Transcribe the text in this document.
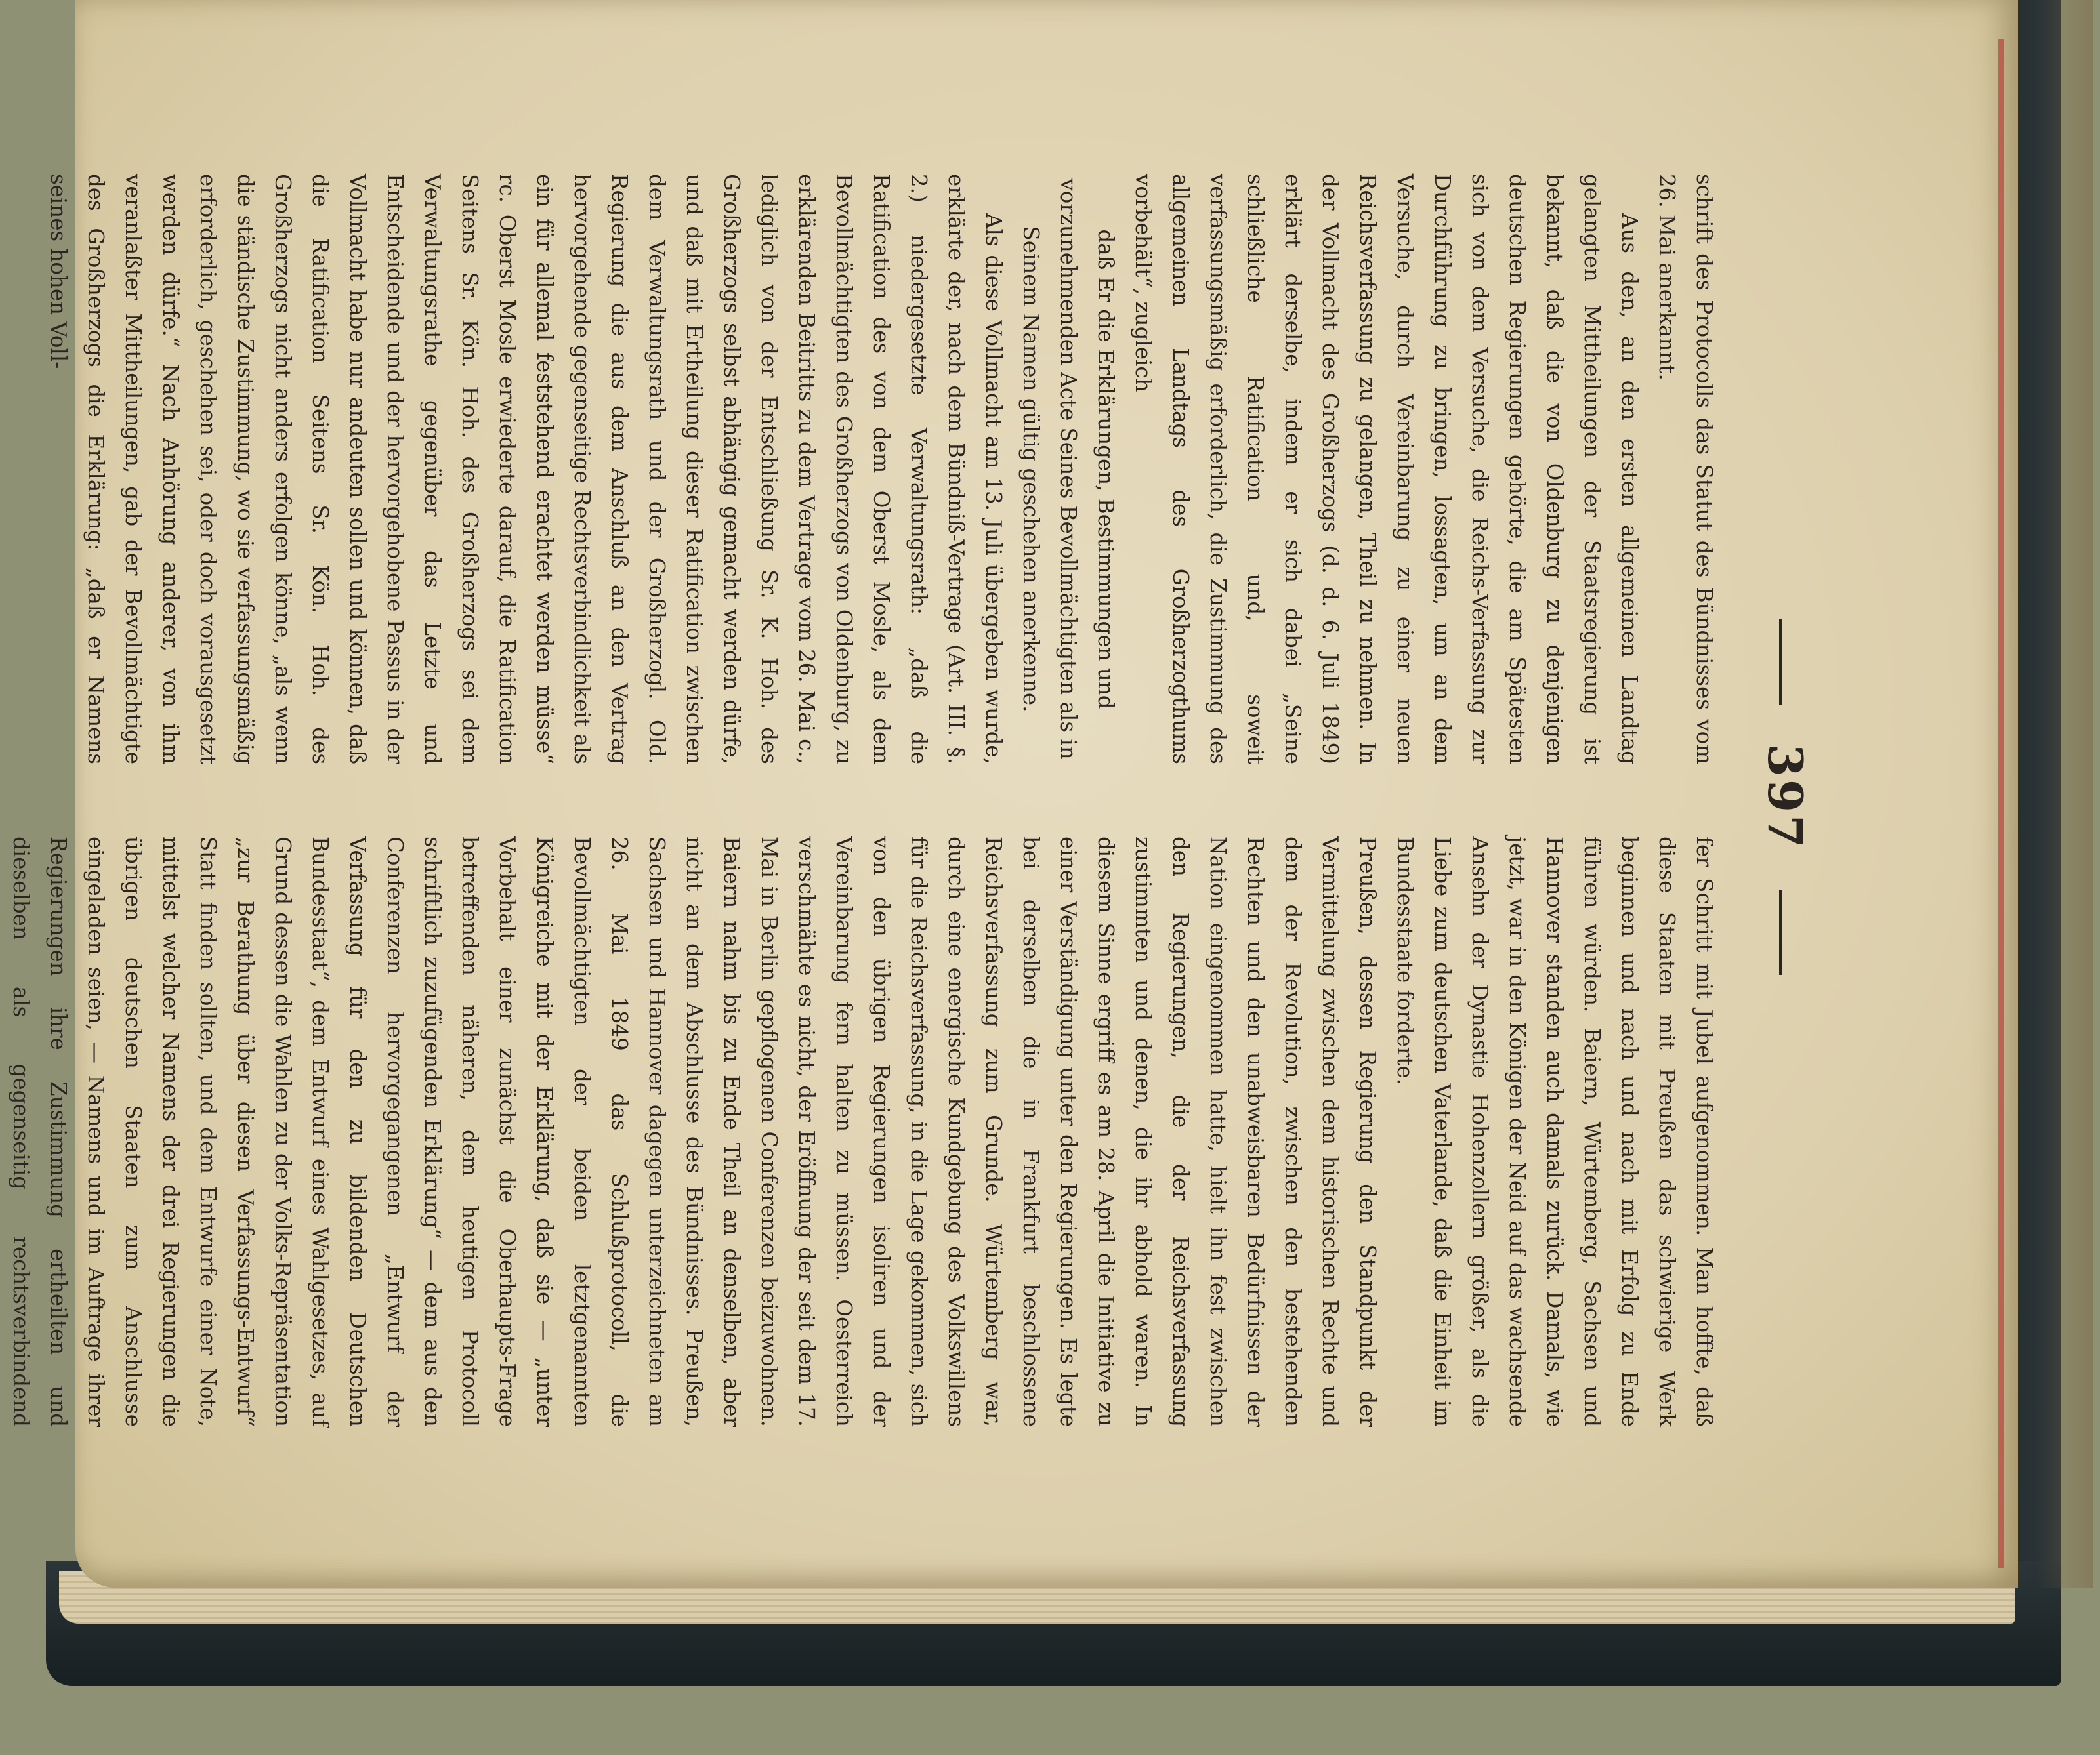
397

schrift des Protocolls das Statut des Bündnisses vom 26. Mai anerkannt.

Aus den, an den ersten allgemeinen Landtag gelangten Mittheilungen der Staatsregierung ist bekannt, daß die von Oldenburg zu denjenigen deutschen Regierungen gehörte, die am Spätesten sich von dem Versuche, die Reichs-Verfassung zur Durchführung zu bringen, lossagten, um an dem Versuche, durch Vereinbarung zu einer neuen Reichsverfassung zu gelangen, Theil zu nehmen. In der Vollmacht des Großherzogs (d. d. 6. Juli 1849) erklärt derselbe, indem er sich dabei „Seine schließliche Ratification und, soweit verfassungsmäßig erforderlich, die Zustimmung des allgemeinen Landtags des Großherzogthums vorbehält“, zugleich

daß Er die Erklärungen, Bestimmungen und vorzunehmenden Acte Seines Bevollmächtigten als in Seinem Namen gültig geschehen anerkenne.

Als diese Vollmacht am 13. Juli übergeben wurde, erklärte der, nach dem Bündniß-Vertrage (Art. III. §. 2.) niedergesetzte Verwaltungsrath: „daß die Ratification des von dem Oberst Mosle, als dem Bevollmächtigten des Großherzogs von Oldenburg, zu erklärenden Beitritts zu dem Vertrage vom 26. Mai c., lediglich von der Entschließung Sr. K. Hoh. des Großherzogs selbst abhängig gemacht werden dürfe, und daß mit Ertheilung dieser Ratification zwischen dem Verwaltungsrath und der Großherzogl. Old. Regierung die aus dem Anschluß an den Vertrag hervorgehende gegenseitige Rechtsverbindlichkeit als ein für allemal feststehend erachtet werden müsse“ rc. Oberst Mosle erwiederte darauf, die Ratification Seitens Sr. Kön. Hoh. des Großherzogs sei dem Verwaltungsrathe gegenüber das Letzte und Entscheidende und der hervorgehobene Passus in der Vollmacht habe nur andeuten sollen und können, daß die Ratification Seitens Sr. Kön. Hoh. des Großherzogs nicht anders erfolgen könne, „als wenn die ständische Zustimmung, wo sie verfassungsmäßig erforderlich, geschehen sei, oder doch vorausgesetzt werden dürfe.“ Nach Anhörung anderer, von ihm veranlaßter Mittheilungen, gab der Bevollmächtigte des Großherzogs die Erklärung: „daß er Namens seines hohen Voll-

fer Schritt mit Jubel aufgenommen. Man hoffte, daß diese Staaten mit Preußen das schwierige Werk beginnen und nach und nach mit Erfolg zu Ende führen würden. Baiern, Würtemberg, Sachsen und Hannover standen auch damals zurück. Damals, wie jetzt, war in den Königen der Neid auf das wachsende Ansehn der Dynastie Hohenzollern größer, als die Liebe zum deutschen Vaterlande, daß die Einheit im Bundesstaate forderte.

Preußen, dessen Regierung den Standpunkt der Vermittelung zwischen dem historischen Rechte und dem der Revolution, zwischen den bestehenden Rechten und den unabweisbaren Bedürfnissen der Nation eingenommen hatte, hielt ihn fest zwischen den Regierungen, die der Reichsverfassung zustimmten und denen, die ihr abhold waren. In diesem Sinne ergriff es am 28. April die Initiative zu einer Verständigung unter den Regierungen. Es legte bei derselben die in Frankfurt beschlossene Reichsverfassung zum Grunde. Würtemberg war, durch eine energische Kundgebung des Volkswillens für die Reichsverfassung, in die Lage gekommen, sich von den übrigen Regierungen isoliren und der Vereinbarung fern halten zu müssen. Oesterreich verschmähte es nicht, der Eröffnung der seit dem 17. Mai in Berlin gepflogenen Conferenzen beizuwohnen. Baiern nahm bis zu Ende Theil an denselben, aber nicht an dem Abschlusse des Bündnisses. Preußen, Sachsen und Hannover dagegen unterzeichneten am 26. Mai 1849 das Schlußprotocoll, die Bevollmächtigten der beiden letztgenannten Königreiche mit der Erklärung, daß sie — „unter Vorbehalt einer zunächst die Oberhaupts-Frage betreffenden näheren, dem heutigen Protocoll schriftlich zuzufügenden Erklärung“ — dem aus den Conferenzen hervorgegangenen „Entwurf der Verfassung für den zu bildenden Deutschen Bundesstaat“, dem Entwurf eines Wahlgesetzes, auf Grund dessen die Wahlen zu der Volks-Repräsentation „zur Berathung über diesen Verfassungs-Entwurf“ Statt finden sollten, und dem Entwurfe einer Note, mittelst welcher Namens der drei Regierungen die übrigen deutschen Staaten zum Anschlusse eingeladen seien, — Namens und im Auftrage ihrer Regierungen ihre Zustimmung ertheilten und dieselben als gegenseitig rechtsverbindend
